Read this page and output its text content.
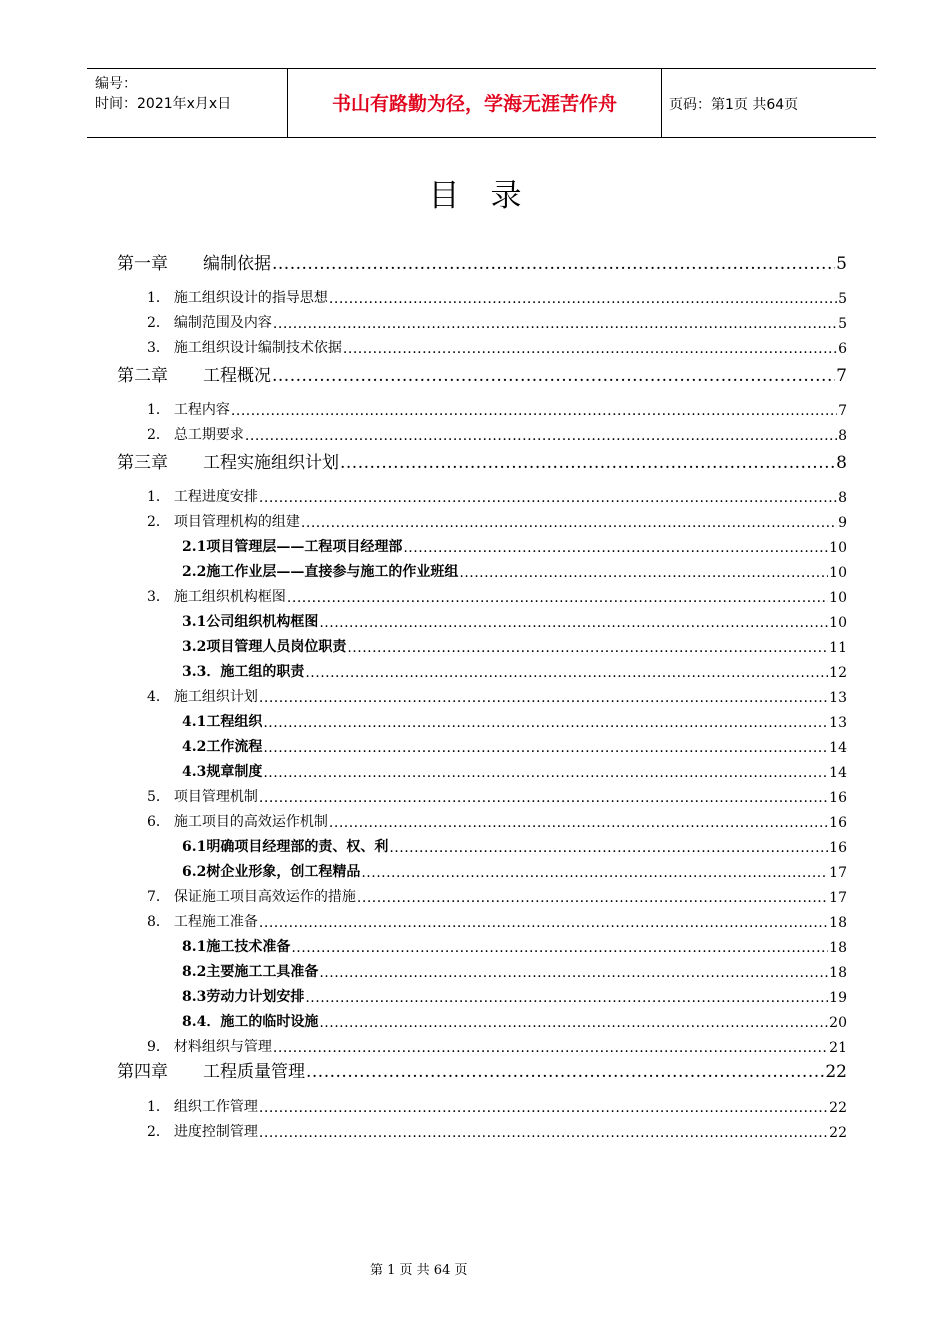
编号：
时间：2021年x月x日	书山有路勤为径，学海无涯苦作舟	页码：第1页 共64页
目　录
第一章 编制依据 .....	5
1． 施工组织设计的指导思想 .....	5
2． 编制范围及内容 .....	5
3． 施工组织设计编制技术依据 .....	6
第二章 工程概况 .....	7
1． 工程内容 .....	7
2． 总工期要求 .....	8
第三章 工程实施组织计划 .....	8
1． 工程进度安排 .....	8
2． 项目管理机构的组建 .....	9
2.1项目管理层——工程项目经理部 .....	10
2.2施工作业层——直接参与施工的作业班组 .....	10
3． 施工组织机构框图 .....	10
3.1公司组织机构框图 .....	10
3.2项目管理人员岗位职责 .....	11
3.3．施工组的职责 .....	12
4． 施工组织计划 .....	13
4.1工程组织 .....	13
4.2工作流程 .....	14
4.3规章制度 .....	14
5． 项目管理机制 .....	16
6． 施工项目的高效运作机制 .....	16
6.1明确项目经理部的责、权、利 .....	16
6.2树企业形象，创工程精品 .....	17
7． 保证施工项目高效运作的措施 .....	17
8． 工程施工准备 .....	18
8.1施工技术准备 .....	18
8.2主要施工工具准备 .....	18
8.3劳动力计划安排 .....	19
8.4．施工的临时设施 .....	20
9． 材料组织与管理 .....	21
第四章 工程质量管理 .....	22
1． 组织工作管理 .....	22
2． 进度控制管理 .....	22
第 1 页 共 64 页
